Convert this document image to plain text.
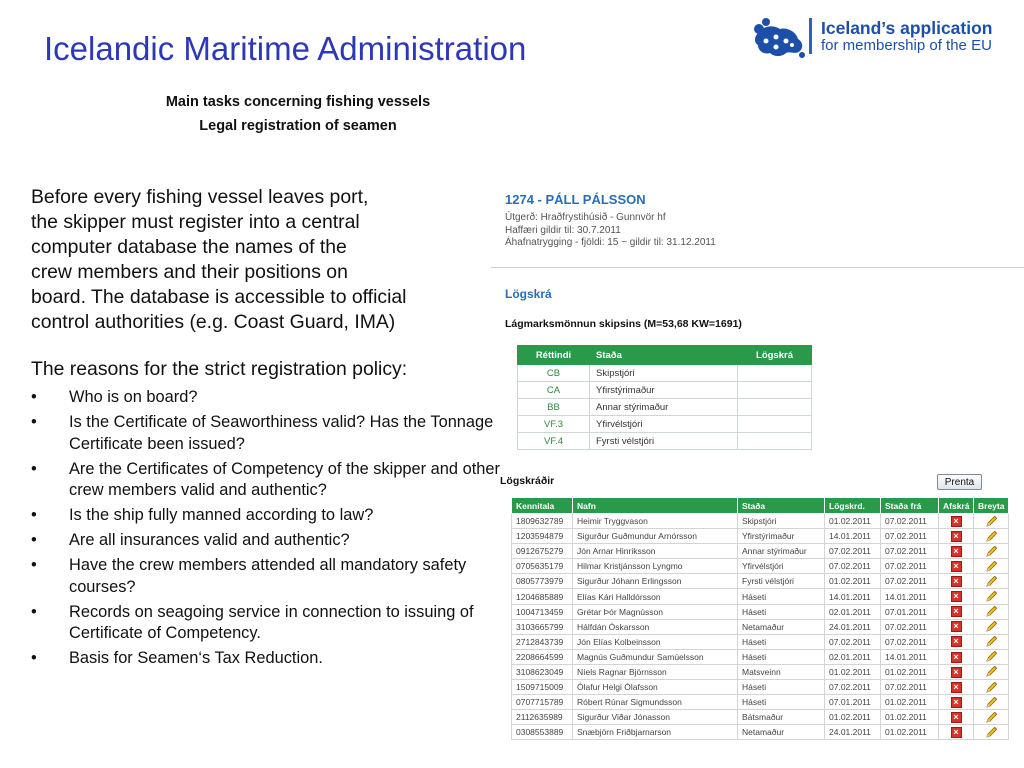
Icelandic Maritime Administration
Main tasks concerning fishing vessels
Legal registration of seamen
Iceland’s application
for membership of the EU
Before every fishing vessel leaves port,
the skipper must register into a central
computer database the names of the
crew members and their positions on
board. The database is accessible to official
control authorities (e.g. Coast Guard, IMA)
The reasons for the strict registration policy:
• Who is on board?
• Is the Certificate of Seaworthiness valid? Has the Tonnage Certificate been issued?
• Are the Certificates of Competency of the skipper and other crew members valid and authentic?
• Is the ship fully manned according to law?
• Are all insurances valid and authentic?
• Have the crew members attended all mandatory safety courses?
• Records on seagoing service in connection to issuing of Certificate of Competency.
• Basis for Seamen‘s Tax Reduction.
1274 - PÁLL PÁLSSON
Útgerð: Hraðfrystihúsið - Gunnvör hf
Haffæri gildir til: 30.7.2011
Áhafnatrygging - fjöldi: 15 ~ gildir til: 31.12.2011
Lögskrá
Lágmarksmönnun skipsins (M=53,68 KW=1691)
Réttindi	Staða	Lögskrá
CB	Skipstjóri	
CA	Yfirstýrimaður	
BB	Annar stýrimaður	
VF.3	Yfirvélstjóri	
VF.4	Fyrsti vélstjóri	
Lögskráðir	Prenta
Kennitala	Nafn	Staða	Lögskrd.	Staða frá	Afskrá	Breyta
1809632789	Heimir Tryggvason	Skipstjóri	01.02.2011	07.02.2011	×	
1203594879	Sigurður Guðmundur Arnórsson	Yfirstýrimaður	14.01.2011	07.02.2011	×	
0912675279	Jón Arnar Hinriksson	Annar stýrimaður	07.02.2011	07.02.2011	×	
0705635179	Hilmar Kristjánsson Lyngmo	Yfirvélstjóri	07.02.2011	07.02.2011	×	
0805773979	Sigurður Jóhann Erlingsson	Fyrsti vélstjóri	01.02.2011	07.02.2011	×	
1204685889	Elías Kári Halldórsson	Háseti	14.01.2011	14.01.2011	×	
1004713459	Grétar Þór Magnússon	Háseti	02.01.2011	07.01.2011	×	
3103665799	Hálfdán Óskarsson	Netamaður	24.01.2011	07.02.2011	×	
2712843739	Jón Elías Kolbeinsson	Háseti	07.02.2011	07.02.2011	×	
2208664599	Magnús Guðmundur Samúelsson	Háseti	02.01.2011	14.01.2011	×	
3108623049	Níels Ragnar Björnsson	Matsveinn	01.02.2011	01.02.2011	×	
1509715009	Ólafur Helgi Ólafsson	Háseti	07.02.2011	07.02.2011	×	
0707715789	Róbert Rúnar Sigmundsson	Háseti	07.01.2011	01.02.2011	×	
2112635989	Sigurður Viðar Jónasson	Bátsmaður	01.02.2011	01.02.2011	×	
0308553889	Snæbjörn Friðbjarnarson	Netamaður	24.01.2011	01.02.2011	×	
